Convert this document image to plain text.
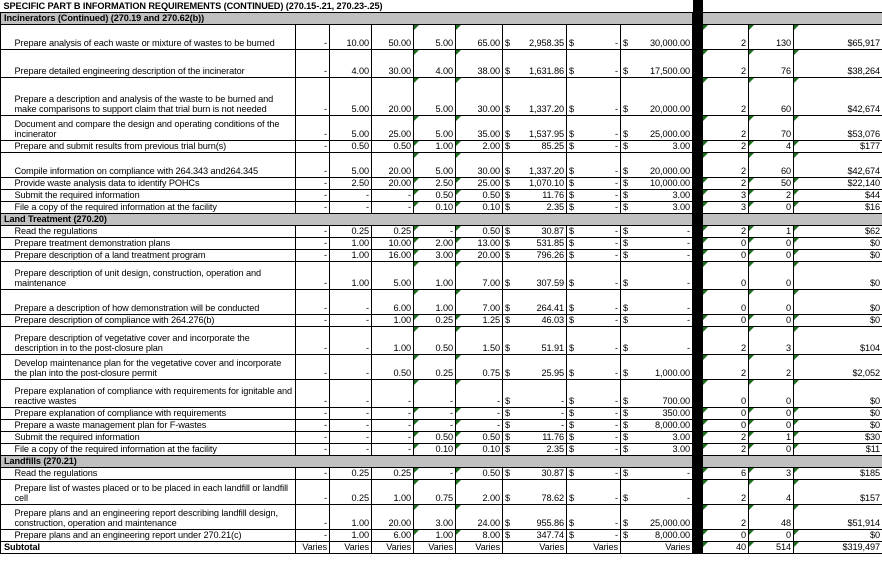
SPECIFIC PART B INFORMATION REQUIREMENTS (CONTINUED) (270.15-.21, 270.23-.25)													
Incinerators (Continued) (270.19 and 270.62(b))													
	Prepare analysis of each waste or mixture of wastes to be burned	-	10.00	50.00	5.00	65.00	$ 2,958.35	$ -	$ 30,000.00		2	130	$65,917
	Prepare detailed engineering description of the incinerator	-	4.00	30.00	4.00	38.00	$ 1,631.86	$ -	$ 17,500.00		2	76	$38,264
	Prepare a description and analysis of the waste to be burned and make comparisons to support claim that trial burn is not needed	-	5.00	20.00	5.00	30.00	$ 1,337.20	$ -	$ 20,000.00		2	60	$42,674
	Document and compare the design and operating conditions of the incinerator	-	5.00	25.00	5.00	35.00	$ 1,537.95	$ -	$ 25,000.00		2	70	$53,076
	Prepare and submit results from previous trial burn(s)	-	0.50	0.50	1.00	2.00	$ 85.25	$ -	$ 3.00		2	4	$177
	Compile information on compliance with 264.343 and264.345	-	5.00	20.00	5.00	30.00	$ 1,337.20	$ -	$ 20,000.00		2	60	$42,674
	Provide waste analysis data to identify POHCs	-	2.50	20.00	2.50	25.00	$ 1,070.10	$ -	$ 10,000.00		2	50	$22,140
	Submit the required information	-	-	-	0.50	0.50	$ 11.76	$ -	$ 3.00		3	2	$44
	File a copy of the required information at the facility	-	-	-	0.10	0.10	$ 2.35	$ -	$ 3.00		3	0	$16
Land Treatment (270.20)													
	Read the regulations	-	0.25	0.25	-	0.50	$ 30.87	$ -	$ -		2	1	$62
	Prepare treatment demonstration plans	-	1.00	10.00	2.00	13.00	$ 531.85	$ -	$ -		0	0	$0
	Prepare description of a land treatment program	-	1.00	16.00	3.00	20.00	$ 796.26	$ -	$ -		0	0	$0
	Prepare description of unit design, construction, operation and maintenance	-	1.00	5.00	1.00	7.00	$ 307.59	$ -	$ -		0	0	$0
	Prepare a description of how demonstration will be conducted	-	-	6.00	1.00	7.00	$ 264.41	$ -	$ -		0	0	$0
	Prepare description of compliance with 264.276(b)	-	-	1.00	0.25	1.25	$ 46.03	$ -	$ -		0	0	$0
	Prepare description of vegetative cover and incorporate the description in to the post-closure plan	-	-	1.00	0.50	1.50	$ 51.91	$ -	$ -		2	3	$104
	Develop maintenance plan for the vegetative cover and incorporate the plan into the post-closure permit	-	-	0.50	0.25	0.75	$ 25.95	$ -	$ 1,000.00		2	2	$2,052
	Prepare explanation of compliance with requirements for ignitable and reactive wastes	-	-	-	-	-	$ -	$ -	$ 700.00		0	0	$0
	Prepare explanation of compliance with requirements	-	-	-	-	-	$ -	$ -	$ 350.00		0	0	$0
	Prepare a waste management plan for F-wastes	-	-	-	-	-	$ -	$ -	$ 8,000.00		0	0	$0
	Submit the required information	-	-	-	0.50	0.50	$ 11.76	$ -	$ 3.00		2	1	$30
	File a copy of the required information at the facility	-	-	-	0.10	0.10	$ 2.35	$ -	$ 3.00		2	0	$11
Landfills (270.21)													
	Read the regulations	-	0.25	0.25	-	0.50	$ 30.87	$ -	$ -		6	3	$185
	Prepare list of wastes placed or to be placed in each landfill or landfill cell	-	0.25	1.00	0.75	2.00	$ 78.62	$ -	$ -		2	4	$157
	Prepare plans and an engineering report describing landfill design, construction, operation and maintenance	-	1.00	20.00	3.00	24.00	$ 955.86	$ -	$ 25,000.00		2	48	$51,914
	Prepare plans and an engineering report under 270.21(c)	-	1.00	6.00	1.00	8.00	$ 347.74	$ -	$ 8,000.00		0	0	$0
Subtotal		Varies	Varies	Varies	Varies	Varies	Varies	Varies	Varies		40	514	$319,497
